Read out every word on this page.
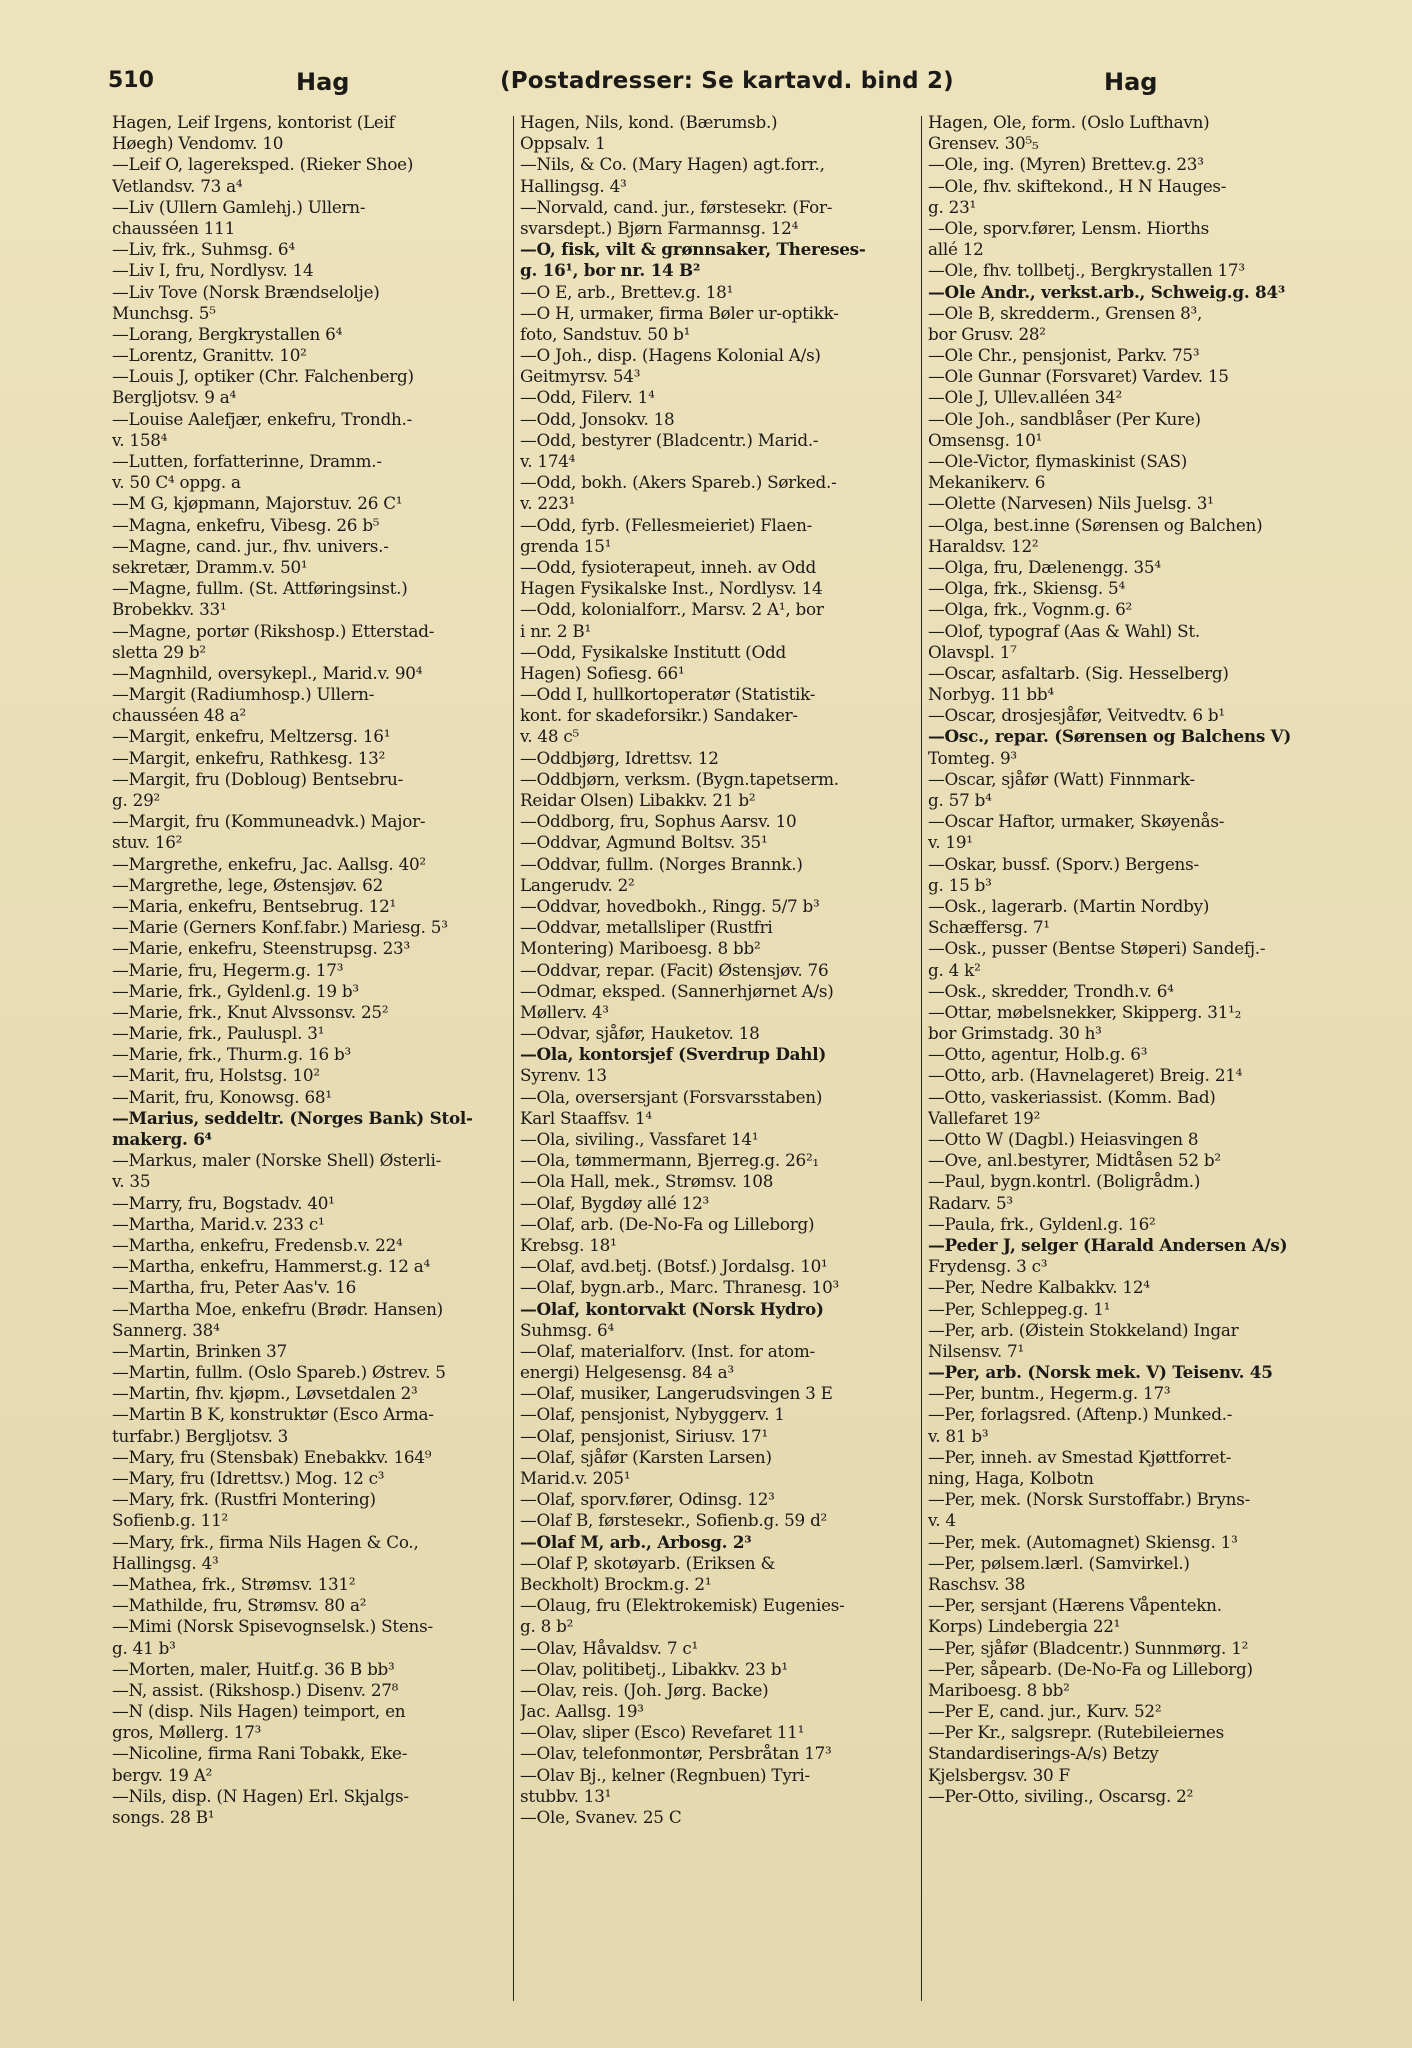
510	Hag	(Postadresser: Se kartavd. bind 2)	Hag
Hagen, Leif Irgens, kontorist (Leif
Høegh) Vendomv. 10
—Leif O, lagereksped. (Rieker Shoe)
Vetlandsv. 73 a⁴
—Liv (Ullern Gamlehj.) Ullern-
chausséen 111
—Liv, frk., Suhmsg. 6⁴
—Liv I, fru, Nordlysv. 14
—Liv Tove (Norsk Brændselolje)
Munchsg. 5⁵
—Lorang, Bergkrystallen 6⁴
—Lorentz, Granittv. 10²
—Louis J, optiker (Chr. Falchenberg)
Bergljotsv. 9 a⁴
—Louise Aalefjær, enkefru, Trondh.-
v. 158⁴
—Lutten, forfatterinne, Dramm.-
v. 50 C⁴ oppg. a
—M G, kjøpmann, Majorstuv. 26 C¹
—Magna, enkefru, Vibesg. 26 b⁵
—Magne, cand. jur., fhv. univers.-
sekretær, Dramm.v. 50¹
—Magne, fullm. (St. Attføringsinst.)
Brobekkv. 33¹
—Magne, portør (Rikshosp.) Etterstad-
sletta 29 b²
—Magnhild, oversykepl., Marid.v. 90⁴
—Margit (Radiumhosp.) Ullern-
chausséen 48 a²
—Margit, enkefru, Meltzersg. 16¹
—Margit, enkefru, Rathkesg. 13²
—Margit, fru (Dobloug) Bentsebru-
g. 29²
—Margit, fru (Kommuneadvk.) Major-
stuv. 16²
—Margrethe, enkefru, Jac. Aallsg. 40²
—Margrethe, lege, Østensjøv. 62
—Maria, enkefru, Bentsebrug. 12¹
—Marie (Gerners Konf.fabr.) Mariesg. 5³
—Marie, enkefru, Steenstrupsg. 23³
—Marie, fru, Hegerm.g. 17³
—Marie, frk., Gyldenl.g. 19 b³
—Marie, frk., Knut Alvssonsv. 25²
—Marie, frk., Pauluspl. 3¹
—Marie, frk., Thurm.g. 16 b³
—Marit, fru, Holstsg. 10²
—Marit, fru, Konowsg. 68¹
—Marius, seddeltr. (Norges Bank) Stol-
makerg. 6⁴
—Markus, maler (Norske Shell) Østerli-
v. 35
—Marry, fru, Bogstadv. 40¹
—Martha, Marid.v. 233 c¹
—Martha, enkefru, Fredensb.v. 22⁴
—Martha, enkefru, Hammerst.g. 12 a⁴
—Martha, fru, Peter Aas'v. 16
—Martha Moe, enkefru (Brødr. Hansen)
Sannerg. 38⁴
—Martin, Brinken 37
—Martin, fullm. (Oslo Spareb.) Østrev. 5
—Martin, fhv. kjøpm., Løvsetdalen 2³
—Martin B K, konstruktør (Esco Arma-
turfabr.) Bergljotsv. 3
—Mary, fru (Stensbak) Enebakkv. 164⁹
—Mary, fru (Idrettsv.) Mog. 12 c³
—Mary, frk. (Rustfri Montering)
Sofienb.g. 11²
—Mary, frk., firma Nils Hagen & Co.,
Hallingsg. 4³
—Mathea, frk., Strømsv. 131²
—Mathilde, fru, Strømsv. 80 a²
—Mimi (Norsk Spisevognselsk.) Stens-
g. 41 b³
—Morten, maler, Huitf.g. 36 B bb³
—N, assist. (Rikshosp.) Disenv. 27⁸
—N (disp. Nils Hagen) teimport, en
gros, Møllerg. 17³
—Nicoline, firma Rani Tobakk, Eke-
bergv. 19 A²
—Nils, disp. (N Hagen) Erl. Skjalgs-
songs. 28 B¹
Hagen, Nils, kond. (Bærumsb.)
Oppsalv. 1
—Nils, & Co. (Mary Hagen) agt.forr.,
Hallingsg. 4³
—Norvald, cand. jur., førstesekr. (For-
svarsdept.) Bjørn Farmannsg. 12⁴
—O, fisk, vilt & grønnsaker, Thereses-
g. 16¹, bor nr. 14 B²
—O E, arb., Brettev.g. 18¹
—O H, urmaker, firma Bøler ur-optikk-
foto, Sandstuv. 50 b¹
—O Joh., disp. (Hagens Kolonial A/s)
Geitmyrsv. 54³
—Odd, Filerv. 1⁴
—Odd, Jonsokv. 18
—Odd, bestyrer (Bladcentr.) Marid.-
v. 174⁴
—Odd, bokh. (Akers Spareb.) Sørked.-
v. 223¹
—Odd, fyrb. (Fellesmeieriet) Flaen-
grenda 15¹
—Odd, fysioterapeut, inneh. av Odd
Hagen Fysikalske Inst., Nordlysv. 14
—Odd, kolonialforr., Marsv. 2 A¹, bor
i nr. 2 B¹
—Odd, Fysikalske Institutt (Odd
Hagen) Sofiesg. 66¹
—Odd I, hullkortoperatør (Statistik-
kont. for skadeforsikr.) Sandaker-
v. 48 c⁵
—Oddbjørg, Idrettsv. 12
—Oddbjørn, verksm. (Bygn.tapetserm.
Reidar Olsen) Libakkv. 21 b²
—Oddborg, fru, Sophus Aarsv. 10
—Oddvar, Agmund Boltsv. 35¹
—Oddvar, fullm. (Norges Brannk.)
Langerudv. 2²
—Oddvar, hovedbokh., Ringg. 5/7 b³
—Oddvar, metallsliper (Rustfri
Montering) Mariboesg. 8 bb²
—Oddvar, repar. (Facit) Østensjøv. 76
—Odmar, eksped. (Sannerhjørnet A/s)
Møllerv. 4³
—Odvar, sjåfør, Hauketov. 18
—Ola, kontorsjef (Sverdrup Dahl)
Syrenv. 13
—Ola, oversersjant (Forsvarsstaben)
Karl Staaffsv. 1⁴
—Ola, siviling., Vassfaret 14¹
—Ola, tømmermann, Bjerreg.g. 26²₁
—Ola Hall, mek., Strømsv. 108
—Olaf, Bygdøy allé 12³
—Olaf, arb. (De-No-Fa og Lilleborg)
Krebsg. 18¹
—Olaf, avd.betj. (Botsf.) Jordalsg. 10¹
—Olaf, bygn.arb., Marc. Thranesg. 10³
—Olaf, kontorvakt (Norsk Hydro)
Suhmsg. 6⁴
—Olaf, materialforv. (Inst. for atom-
energi) Helgesensg. 84 a³
—Olaf, musiker, Langerudsvingen 3 E
—Olaf, pensjonist, Nybyggerv. 1
—Olaf, pensjonist, Siriusv. 17¹
—Olaf, sjåfør (Karsten Larsen)
Marid.v. 205¹
—Olaf, sporv.fører, Odinsg. 12³
—Olaf B, førstesekr., Sofienb.g. 59 d²
—Olaf M, arb., Arbosg. 2³
—Olaf P, skotøyarb. (Eriksen &
Beckholt) Brockm.g. 2¹
—Olaug, fru (Elektrokemisk) Eugenies-
g. 8 b²
—Olav, Håvaldsv. 7 c¹
—Olav, politibetj., Libakkv. 23 b¹
—Olav, reis. (Joh. Jørg. Backe)
Jac. Aallsg. 19³
—Olav, sliper (Esco) Revefaret 11¹
—Olav, telefonmontør, Persbråtan 17³
—Olav Bj., kelner (Regnbuen) Tyri-
stubbv. 13¹
—Ole, Svanev. 25 C
Hagen, Ole, form. (Oslo Lufthavn)
Grensev. 30⁵₅
—Ole, ing. (Myren) Brettev.g. 23³
—Ole, fhv. skiftekond., H N Hauges-
g. 23¹
—Ole, sporv.fører, Lensm. Hiorths
allé 12
—Ole, fhv. tollbetj., Bergkrystallen 17³
—Ole Andr., verkst.arb., Schweig.g. 84³
—Ole B, skredderm., Grensen 8³,
bor Grusv. 28²
—Ole Chr., pensjonist, Parkv. 75³
—Ole Gunnar (Forsvaret) Vardev. 15
—Ole J, Ullev.alléen 34²
—Ole Joh., sandblåser (Per Kure)
Omsensg. 10¹
—Ole-Victor, flymaskinist (SAS)
Mekanikerv. 6
—Olette (Narvesen) Nils Juelsg. 3¹
—Olga, best.inne (Sørensen og Balchen)
Haraldsv. 12²
—Olga, fru, Dælenengg. 35⁴
—Olga, frk., Skiensg. 5⁴
—Olga, frk., Vognm.g. 6²
—Olof, typograf (Aas & Wahl) St.
Olavspl. 1⁷
—Oscar, asfaltarb. (Sig. Hesselberg)
Norbyg. 11 bb⁴
—Oscar, drosjesjåfør, Veitvedtv. 6 b¹
—Osc., repar. (Sørensen og Balchens V)
Tomteg. 9³
—Oscar, sjåfør (Watt) Finnmark-
g. 57 b⁴
—Oscar Haftor, urmaker, Skøyenås-
v. 19¹
—Oskar, bussf. (Sporv.) Bergens-
g. 15 b³
—Osk., lagerarb. (Martin Nordby)
Schæffersg. 7¹
—Osk., pusser (Bentse Støperi) Sandefj.-
g. 4 k²
—Osk., skredder, Trondh.v. 6⁴
—Ottar, møbelsnekker, Skipperg. 31¹₂
bor Grimstadg. 30 h³
—Otto, agentur, Holb.g. 6³
—Otto, arb. (Havnelageret) Breig. 21⁴
—Otto, vaskeriassist. (Komm. Bad)
Vallefaret 19²
—Otto W (Dagbl.) Heiasvingen 8
—Ove, anl.bestyrer, Midtåsen 52 b²
—Paul, bygn.kontrl. (Boligrådm.)
Radarv. 5³
—Paula, frk., Gyldenl.g. 16²
—Peder J, selger (Harald Andersen A/s)
Frydensg. 3 c³
—Per, Nedre Kalbakkv. 12⁴
—Per, Schleppeg.g. 1¹
—Per, arb. (Øistein Stokkeland) Ingar
Nilsensv. 7¹
—Per, arb. (Norsk mek. V) Teisenv. 45
—Per, buntm., Hegerm.g. 17³
—Per, forlagsred. (Aftenp.) Munked.-
v. 81 b³
—Per, inneh. av Smestad Kjøttforret-
ning, Haga, Kolbotn
—Per, mek. (Norsk Surstoffabr.) Bryns-
v. 4
—Per, mek. (Automagnet) Skiensg. 1³
—Per, pølsem.lærl. (Samvirkel.)
Raschsv. 38
—Per, sersjant (Hærens Våpentekn.
Korps) Lindebergia 22¹
—Per, sjåfør (Bladcentr.) Sunnmørg. 1²
—Per, såpearb. (De-No-Fa og Lilleborg)
Mariboesg. 8 bb²
—Per E, cand. jur., Kurv. 52²
—Per Kr., salgsrepr. (Rutebileiernes
Standardiserings-A/s) Betzy
Kjelsbergsv. 30 F
—Per-Otto, siviling., Oscarsg. 2²
